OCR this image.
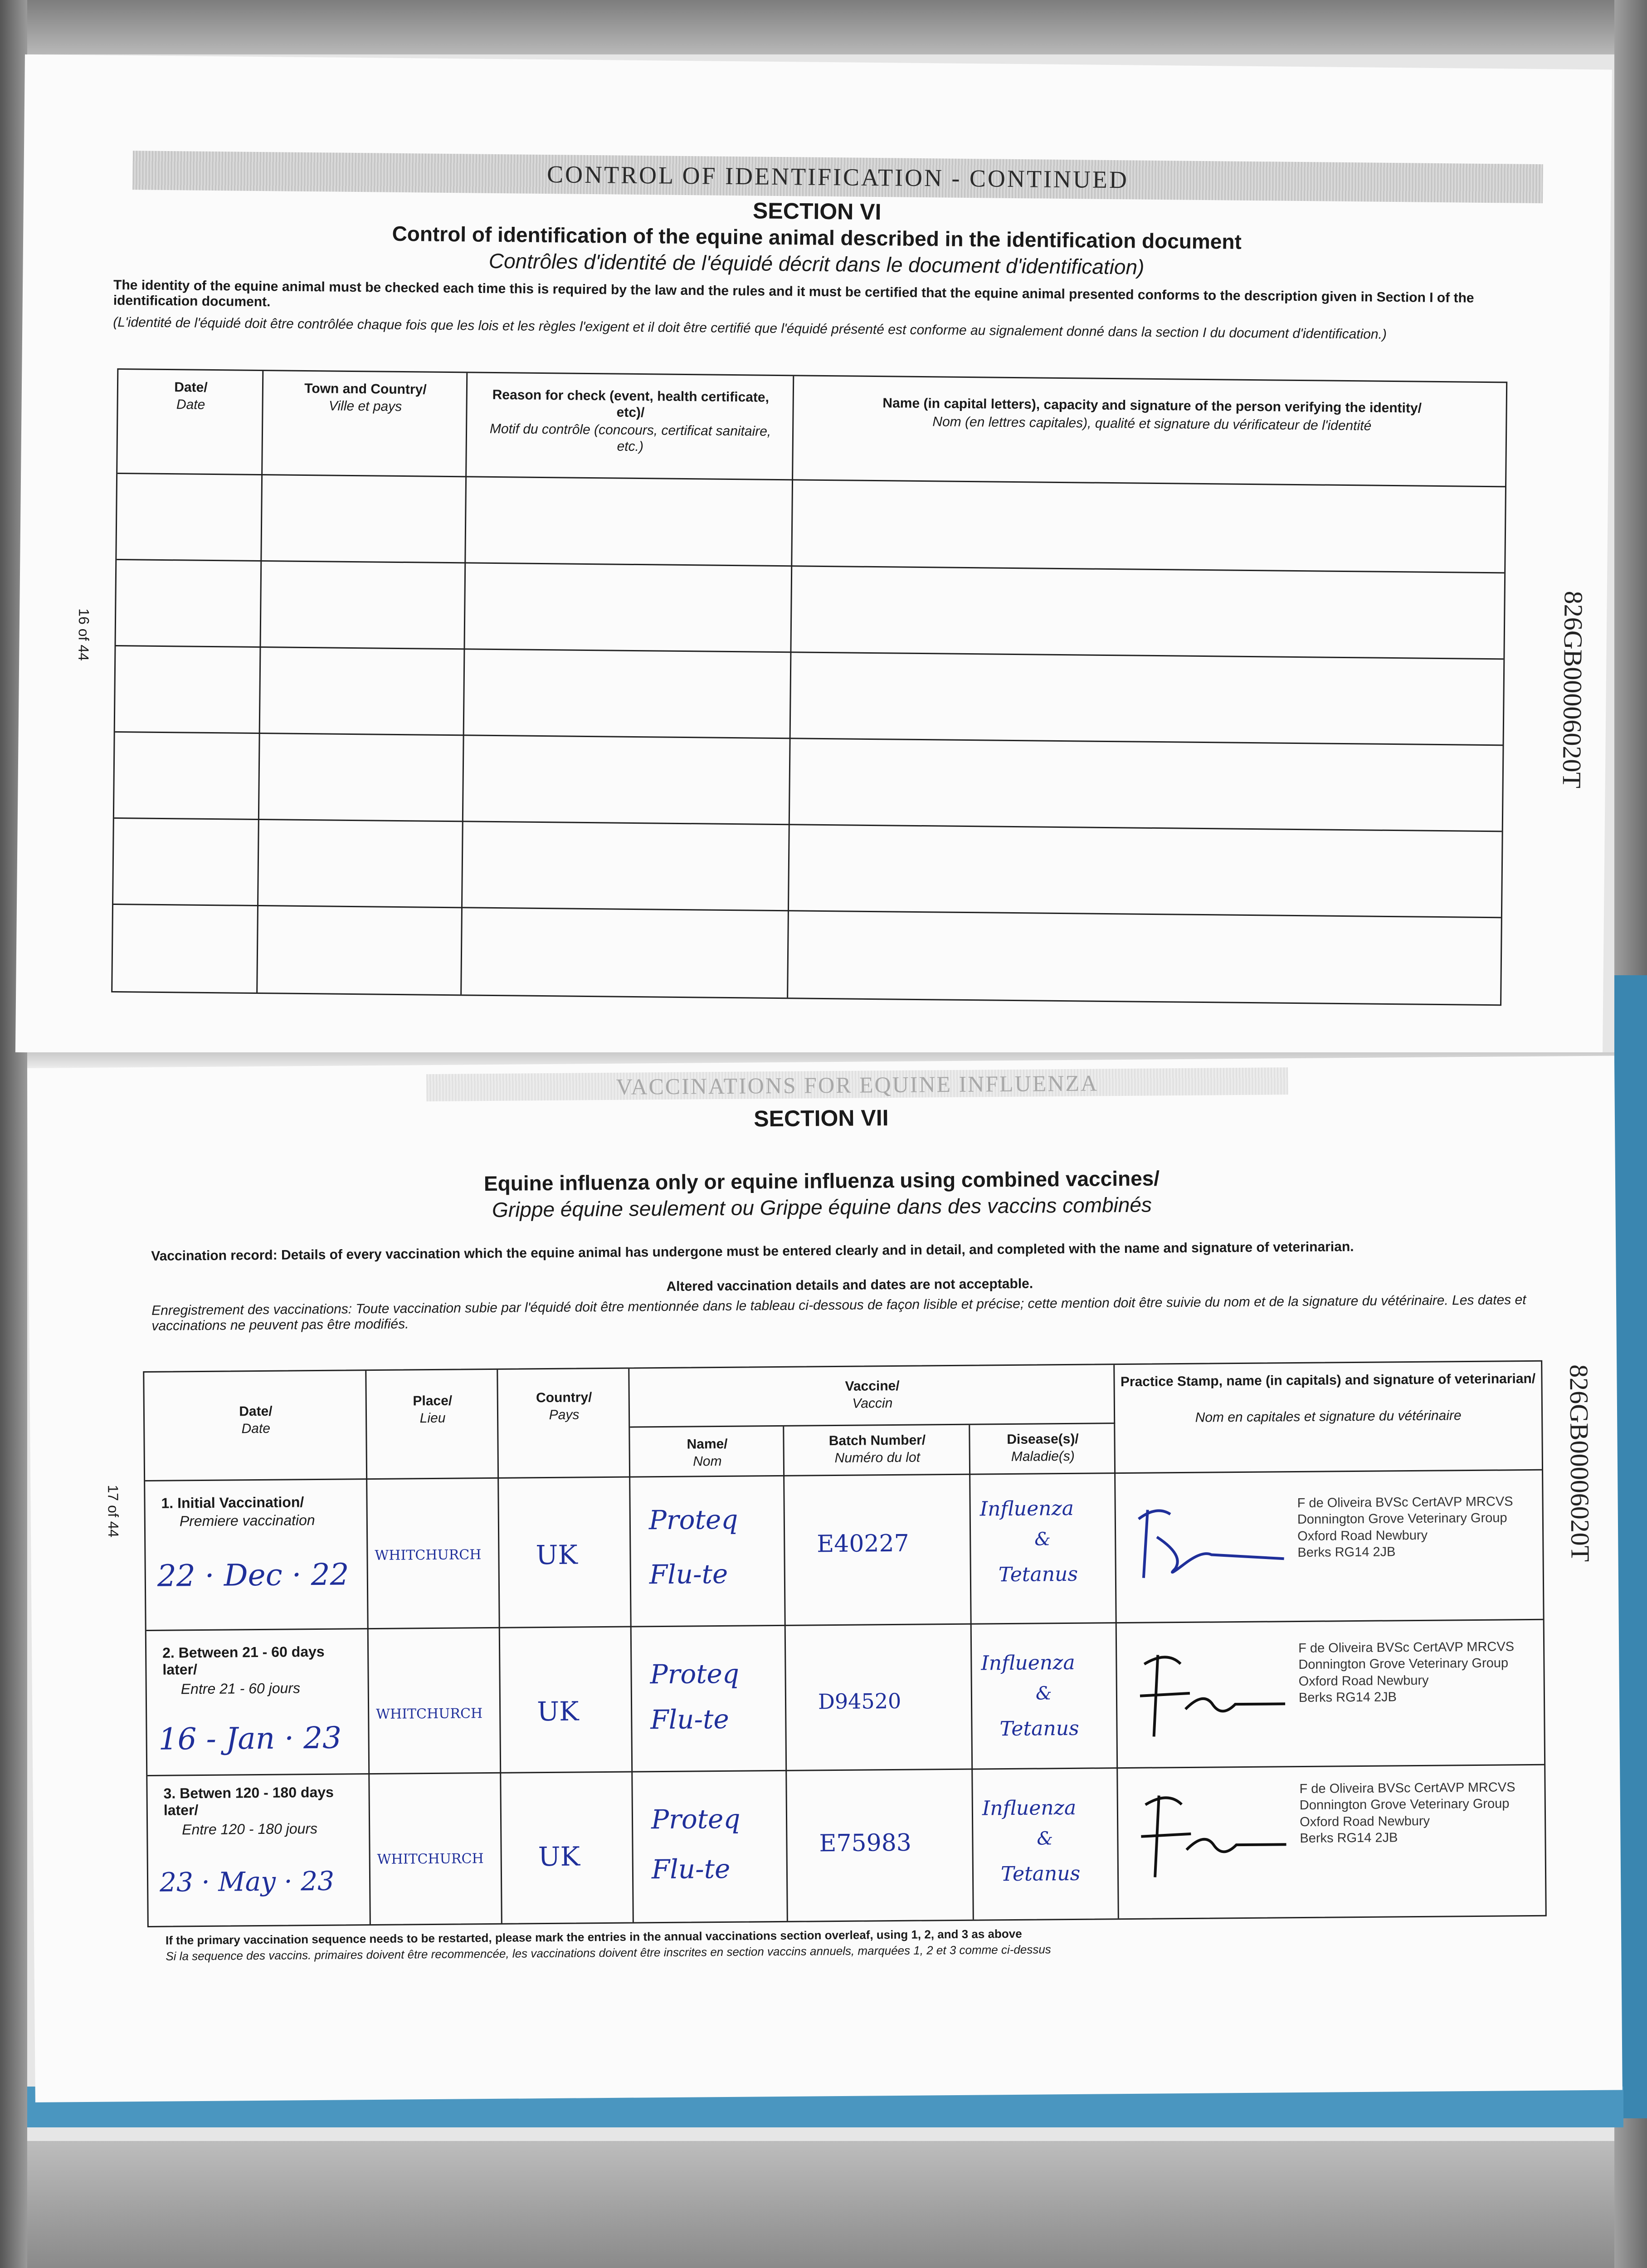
CONTROL OF IDENTIFICATION - CONTINUED
SECTION VI
Control of identification of the equine animal described in the identification document
Contrôles d'identité de l'équidé décrit dans le document d'identification)
The identity of the equine animal must be checked each time this is required by the law and the rules and it must be certified that the equine animal presented conforms to the description given in Section I of the identification document.
(L'identité de l'équidé doit être contrôlée chaque fois que les lois et les règles l'exigent et il doit être certifié que l'équidé présenté est conforme au signalement donné dans la section I du document d'identification.)
Date/
Date
Town and Country/
Ville et pays
Reason for check (event, health certificate, etc)/
Motif du contrôle (concours, certificat sanitaire, etc.)
Name (in capital letters), capacity and signature of the person verifying the identity/
Nom (en lettres capitales), qualité et signature du vérificateur de l'identité
16 of 44	826GB00006020T
VACCINATIONS FOR EQUINE INFLUENZA
SECTION VII
Equine influenza only or equine influenza using combined vaccines/
Grippe équine seulement ou Grippe équine dans des vaccins combinés
Vaccination record: Details of every vaccination which the equine animal has undergone must be entered clearly and in detail, and completed with the name and signature of veterinarian.
Altered vaccination details and dates are not acceptable.
Enregistrement des vaccinations: Toute vaccination subie par l'équidé doit être mentionnée dans le tableau ci-dessous de façon lisible et précise; cette mention doit être suivie du nom et de la signature du vétérinaire. Les dates et vaccinations ne peuvent pas être modifiés.
Date/
Date
Place/
Lieu
Country/
Pays
Vaccine/
Vaccin
Name/
Nom
Batch Number/
Numéro du lot
Disease(s)/
Maladie(s)
Practice Stamp, name (in capitals) and signature of veterinarian/
Nom en capitales et signature du vétérinaire
1. Initial Vaccination/
Premiere vaccination
22 · Dec · 22
WHITCHURCH UK
Proteq
Flu-te
E40227
Influenza
&
Tetanus
2. Between 21 - 60 days later/
Entre 21 - 60 jours
16 - Jan · 23
WHITCHURCH UK
Proteq
Flu-te
D94520
Influenza
&
Tetanus
3. Betwen 120 - 180 days later/
Entre 120 - 180 jours
23 · May · 23
WHITCHURCH UK
Proteq
Flu-te
E75983
Influenza
&
Tetanus
F de Oliveira BVSc CertAVP MRCVS
Donnington Grove Veterinary Group
Oxford Road Newbury
Berks RG14 2JB
F de Oliveira BVSc CertAVP MRCVS
Donnington Grove Veterinary Group
Oxford Road Newbury
Berks RG14 2JB
F de Oliveira BVSc CertAVP MRCVS
Donnington Grove Veterinary Group
Oxford Road Newbury
Berks RG14 2JB
If the primary vaccination sequence needs to be restarted, please mark the entries in the annual vaccinations section overleaf, using 1, 2, and 3 as above
Si la sequence des vaccins. primaires doivent être recommencée, les vaccinations doivent être inscrites en section vaccins annuels, marquées 1, 2 et 3 comme ci-dessus
17 of 44	826GB00006020T
